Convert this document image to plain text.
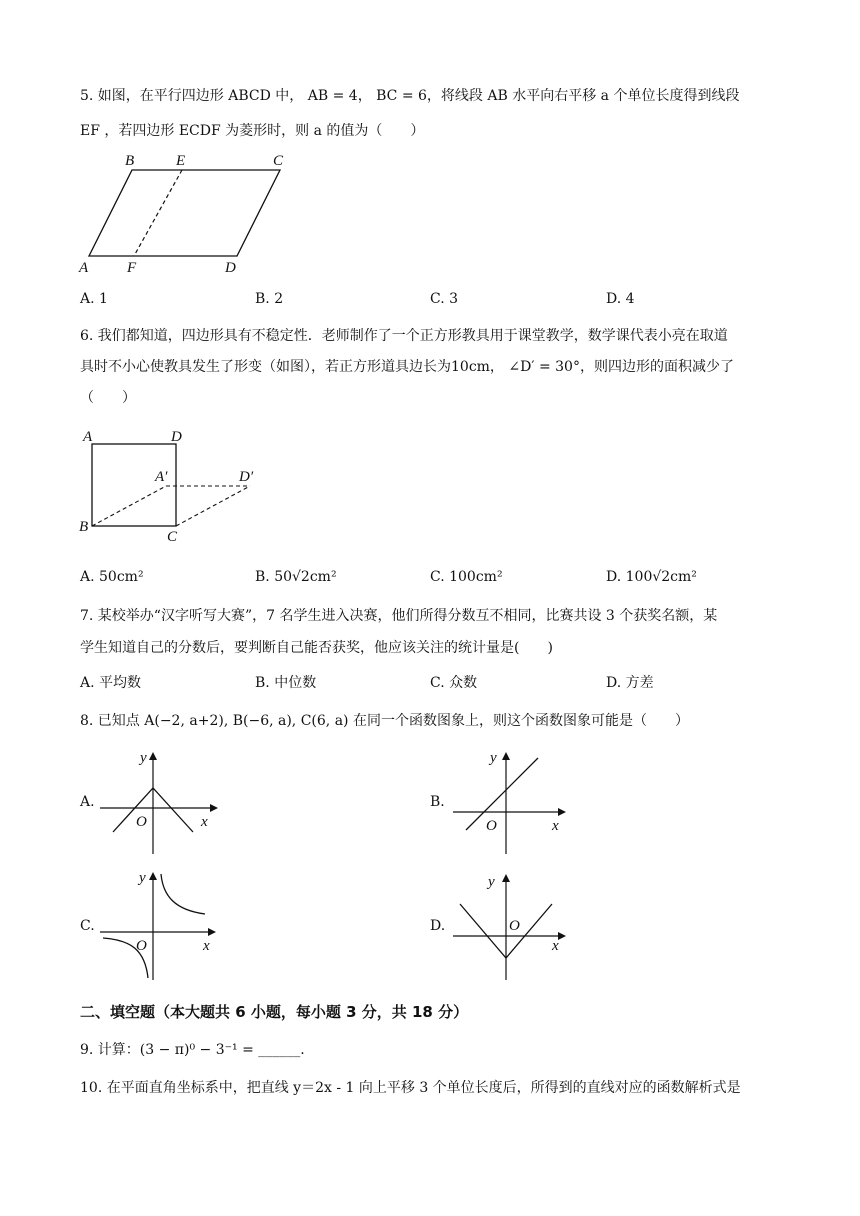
5. 如图，在平行四边形 ABCD 中， AB = 4， BC = 6，将线段 AB 水平向右平移 a 个单位长度得到线段
EF ，若四边形 ECDF 为菱形时，则 a 的值为（　　）
B	E	C
A	F	D
A. 1	B. 2	C. 3	D. 4
6. 我们都知道，四边形具有不稳定性．老师制作了一个正方形教具用于课堂教学，数学课代表小亮在取道
具时不小心使教具发生了形变（如图），若正方形道具边长为10cm， ∠D′ = 30°，则四边形的面积减少了
（　　）
A	D
A′	D′
B
C
A. 50cm²	B. 50√2cm²	C. 100cm²	D. 100√2cm²
7. 某校举办“汉字听写大赛”，7 名学生进入决赛，他们所得分数互不相同，比赛共设 3 个获奖名额，某
学生知道自己的分数后，要判断自己能否获奖，他应该关注的统计量是(　　)
A. 平均数	B. 中位数	C. 众数	D. 方差
8. 已知点 A(−2, a+2), B(−6, a), C(6, a) 在同一个函数图象上，则这个函数图象可能是（　　）
A.
y
x
O
B.
y
x
O
C.
y
x
O
D.
y
x
O
二、填空题（本大题共 6 小题，每小题 3 分，共 18 分）
9. 计算：(3 − π)⁰ − 3⁻¹ = ______.
10. 在平面直角坐标系中，把直线 y＝2x - 1 向上平移 3 个单位长度后，所得到的直线对应的函数解析式是
